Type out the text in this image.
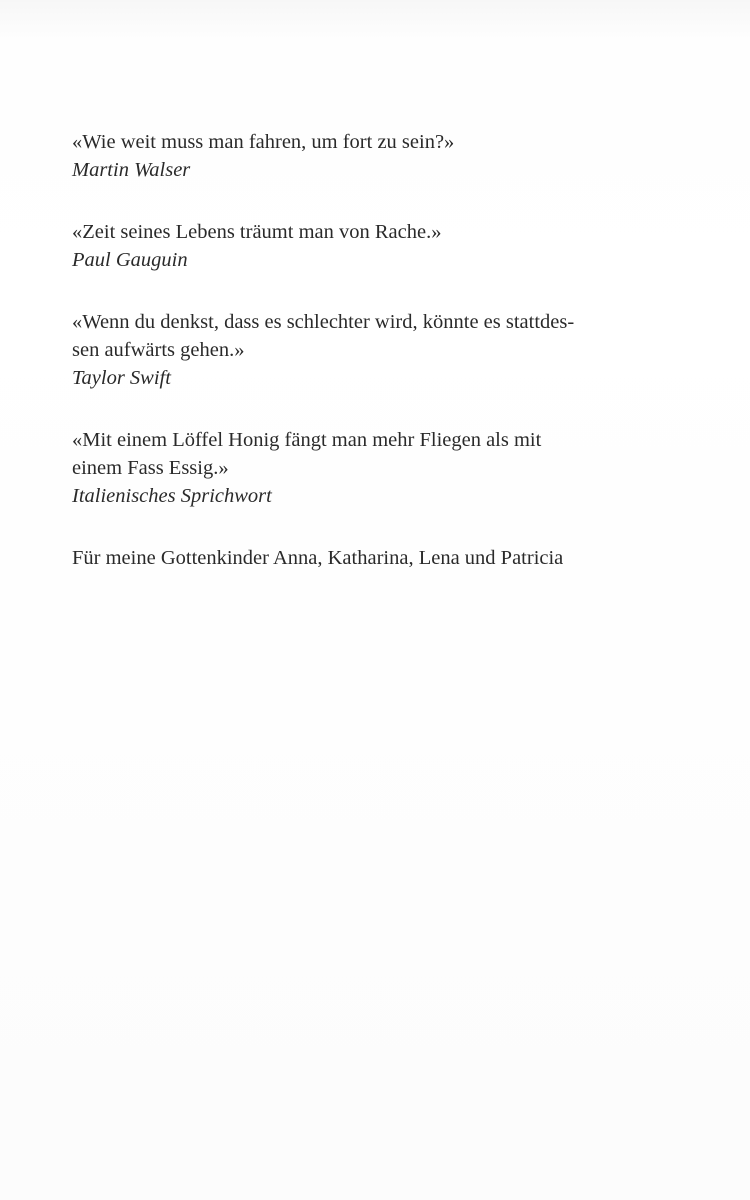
«Wie weit muss man fahren, um fort zu sein?»
Martin Walser
«Zeit seines Lebens träumt man von Rache.»
Paul Gauguin
«Wenn du denkst, dass es schlechter wird, könnte es stattdes-
sen aufwärts gehen.»
Taylor Swift
«Mit einem Löffel Honig fängt man mehr Fliegen als mit
einem Fass Essig.»
Italienisches Sprichwort
Für meine Gottenkinder Anna, Katharina, Lena und Patricia
